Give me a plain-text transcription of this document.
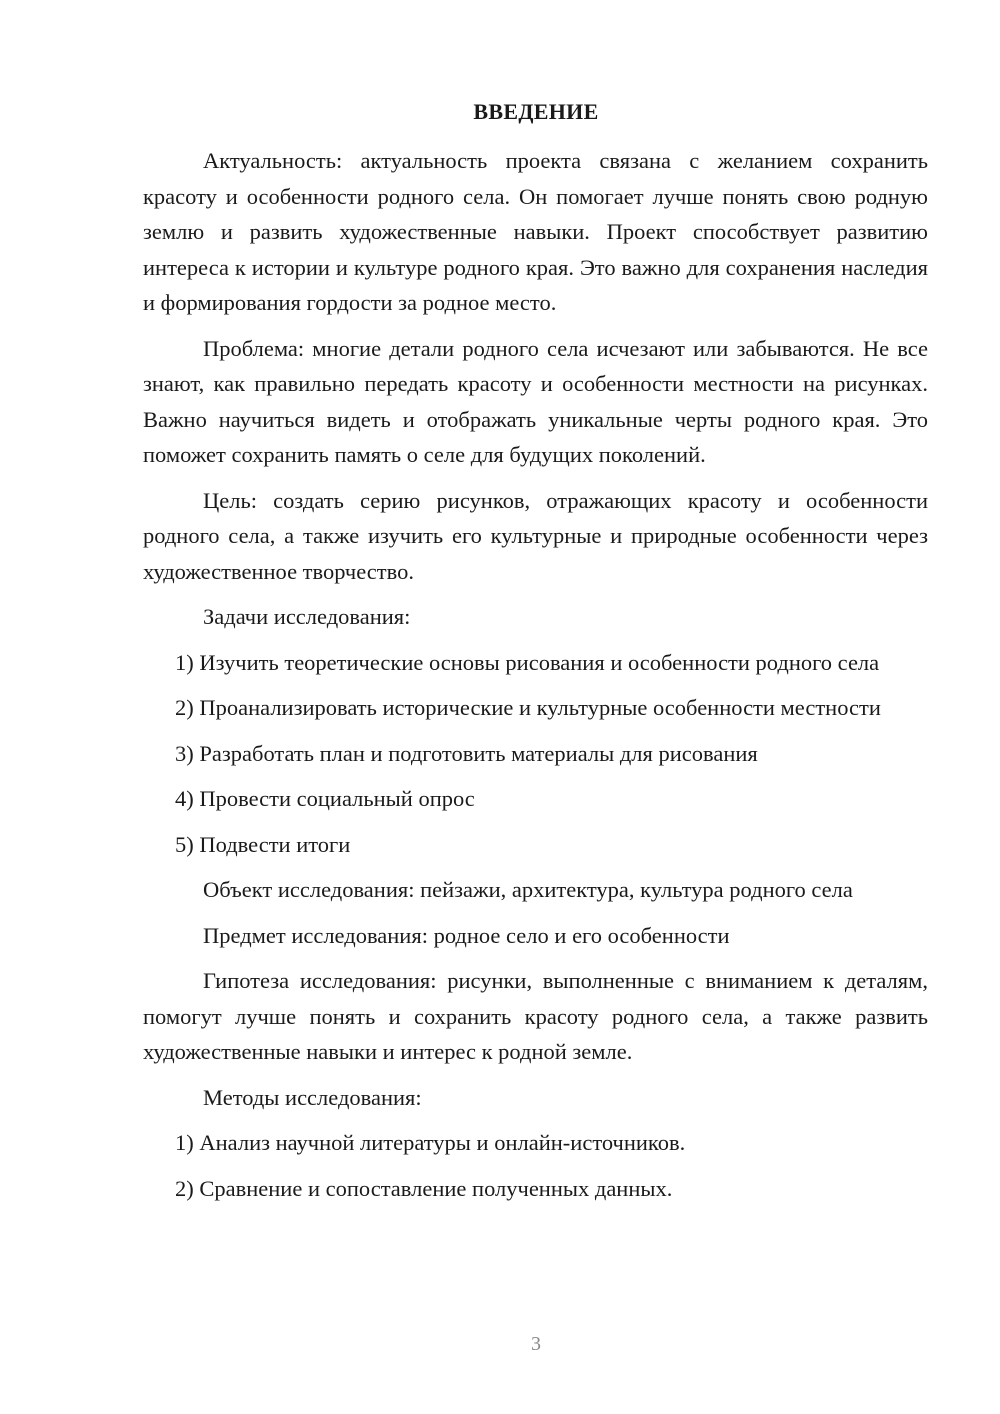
ВВЕДЕНИЕ

Актуальность: актуальность проекта связана с желанием сохранить красоту и особенности родного села. Он помогает лучше понять свою родную землю и развить художественные навыки. Проект способствует развитию интереса к истории и культуре родного края. Это важно для сохранения наследия и формирования гордости за родное место.

Проблема: многие детали родного села исчезают или забываются. Не все знают, как правильно передать красоту и особенности местности на рисунках. Важно научиться видеть и отображать уникальные черты родного края. Это поможет сохранить память о селе для будущих поколений.

Цель: создать серию рисунков, отражающих красоту и особенности родного села, а также изучить его культурные и природные особенности через художественное творчество.

Задачи исследования:

1) Изучить теоретические основы рисования и особенности родного села

2) Проанализировать исторические и культурные особенности местности

3) Разработать план и подготовить материалы для рисования

4) Провести социальный опрос

5) Подвести итоги

Объект исследования: пейзажи, архитектура, культура родного села

Предмет исследования: родное село и его особенности

Гипотеза исследования: рисунки, выполненные с вниманием к деталям, помогут лучше понять и сохранить красоту родного села, а также развить художественные навыки и интерес к родной земле.

Методы исследования:

1) Анализ научной литературы и онлайн-источников.

2) Сравнение и сопоставление полученных данных.

3
